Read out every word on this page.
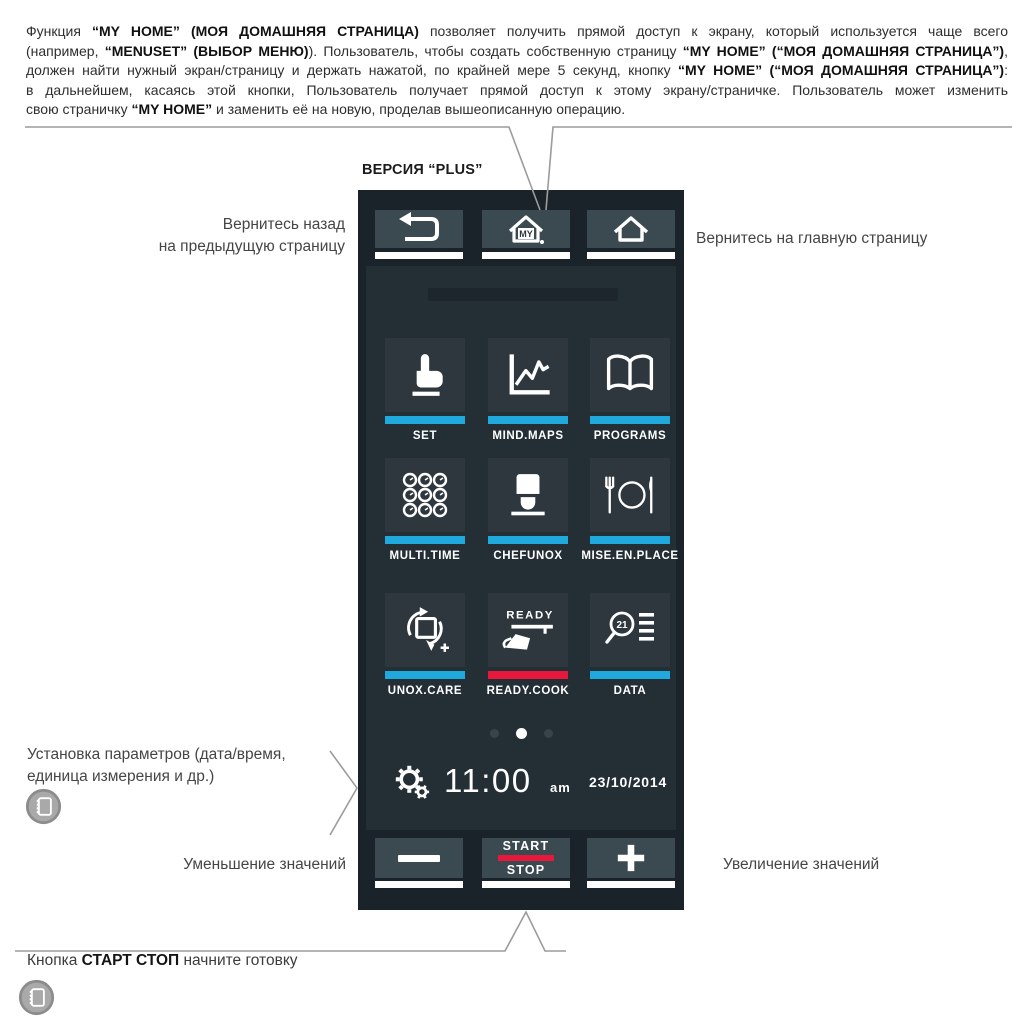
Функция “MY HOME” (МОЯ ДОМАШНЯЯ СТРАНИЦА) позволяет получить прямой доступ к экрану, который используется чаще всего
(например, “MENUSET” (ВЫБОР МЕНЮ)). Пользователь, чтобы создать собственную страницу “MY HOME” (“МОЯ ДОМАШНЯЯ СТРАНИЦА”),
должен найти нужный экран/страницу и держать нажатой, по крайней мере 5 секунд, кнопку “MY HOME” (“МОЯ ДОМАШНЯЯ СТРАНИЦА”):
в дальнейшем, касаясь этой кнопки, Пользователь получает прямой доступ к этому экрану/страничке. Пользователь может изменить
свою страничку “MY HOME” и заменить её на новую, проделав вышеописанную операцию.

Вернитесь назад
на предыдущую страницу	Вернитесь на главную страницу
Установка параметров (дата/время,
единица измерения и др.)
Уменьшение значений	Увеличение значений
Кнопка СТАРТ СТОП начните готовку
ВЕРСИЯ “PLUS”
MY
SET	MIND.MAPS	PROGRAMS
MULTI.TIME	CHEFUNOX	MISE.EN.PLACE
UNOX.CARE
READY
READY.COOK
21
DATA
11:00 am 23/10/2014
START
STOP
